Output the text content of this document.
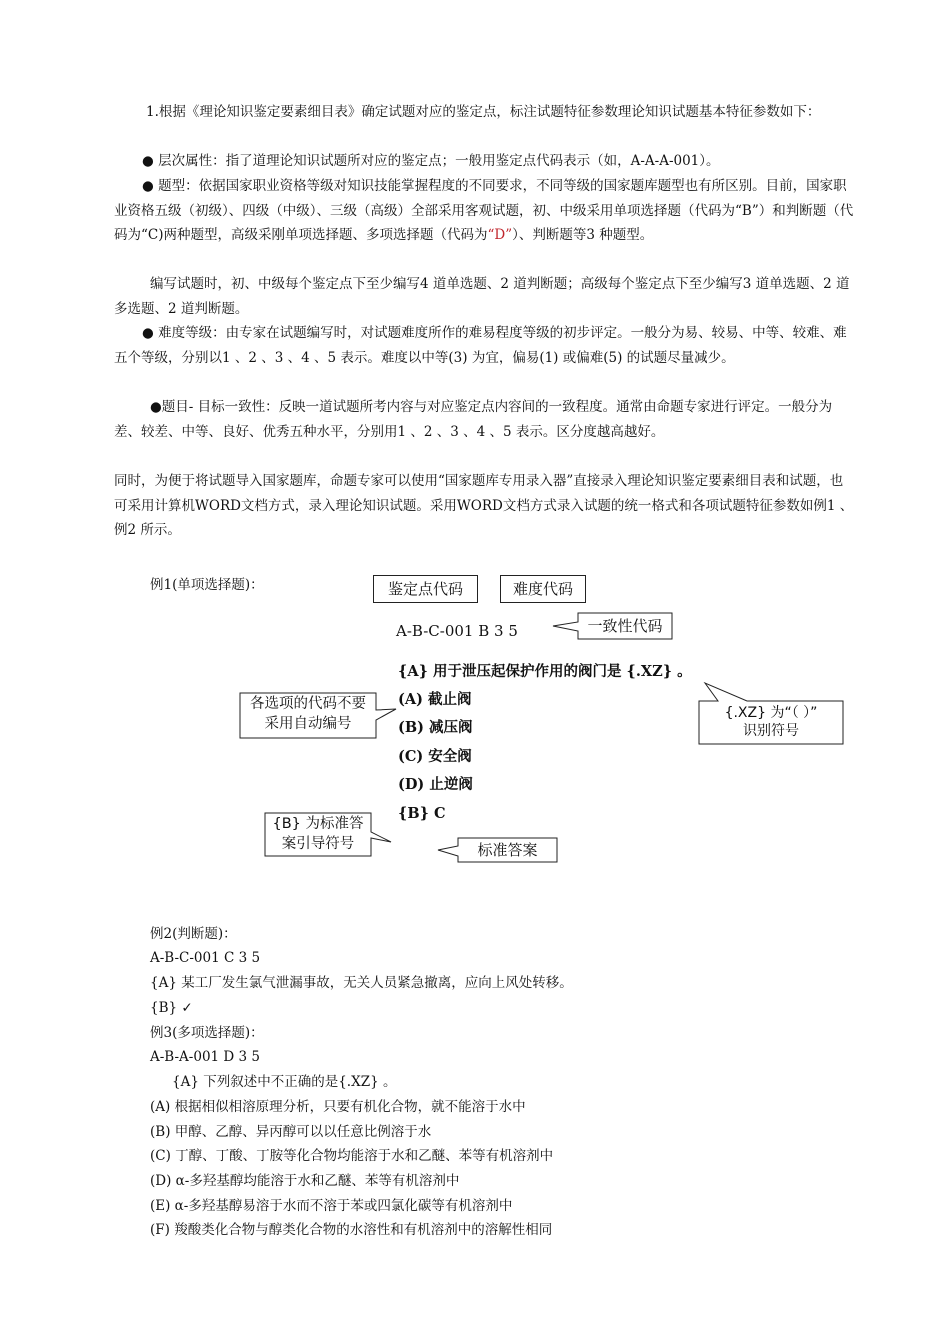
1.根据《理论知识鉴定要素细目表》确定试题对应的鉴定点，标注试题特征参数理论知识试题基本特征参数如下：

● 层次属性：指了道理论知识试题所对应的鉴定点；一般用鉴定点代码表示（如，A-A-A-001）。

● 题型：依据国家职业资格等级对知识技能掌握程度的不同要求，不同等级的国家题库题型也有所区别。目前，国家职业资格五级（初级）、四级（中级）、三级（高级）全部采用客观试题，初、中级采用单项选择题（代码为“B”）和判断题（代码为“C)两种题型，高级采刚单项选择题、多项选择题（代码为“D”）、判断题等3 种题型。

编写试题时，初、中级每个鉴定点下至少编写4 道单选题、2 道判断题；高级每个鉴定点下至少编写3 道单选题、2 道多选题、2 道判断题。

● 难度等级：由专家在试题编写时，对试题难度所作的难易程度等级的初步评定。一般分为易、较易、中等、较难、难五个等级，分别以1 、2 、3 、4 、5 表示。难度以中等(3) 为宜，偏易(1) 或偏难(5) 的试题尽量减少。

●题目- 目标一致性：反映一道试题所考内容与对应鉴定点内容间的一致程度。通常由命题专家进行评定。一般分为差、较差、中等、良好、优秀五种水平，分别用1 、2 、3 、4 、5 表示。区分度越高越好。

同时，为便于将试题导入国家题库，命题专家可以使用“国家题库专用录入器”直接录入理论知识鉴定要素细目表和试题，也可采用计算机WORD文档方式，录入理论知识试题。采用WORD文档方式录入试题的统一格式和各项试题特征参数如例1 、例2 所示。

例1(单项选择题)：	鉴定点代码	难度代码
A-B-C-001 B 3 5	一致性代码
各选项的代码不要
采用自动编号
{.XZ} 为“（ ）”
识别符号
{B} 为标准答
案引导符号	标准答案
{A} 用于泄压起保护作用的阀门是 {.XZ} 。
(A) 截止阀
(B) 减压阀
(C) 安全阀
(D) 止逆阀
{B} C
例2(判断题)：
A-B-C-001 C 3 5
{A} 某工厂发生氯气泄漏事故，无关人员紧急撤离，应向上风处转移。
{B} ✓
例3(多项选择题)：
A-B-A-001 D 3 5
{A} 下列叙述中不正确的是{.XZ} 。
(A) 根据相似相溶原理分析，只要有机化合物，就不能溶于水中
(B) 甲醇、乙醇、异丙醇可以以任意比例溶于水
(C) 丁醇、丁酸、丁胺等化合物均能溶于水和乙醚、苯等有机溶剂中
(D) α-多羟基醇均能溶于水和乙醚、苯等有机溶剂中
(E) α-多羟基醇易溶于水而不溶于苯或四氯化碳等有机溶剂中
(F) 羧酸类化合物与醇类化合物的水溶性和有机溶剂中的溶解性相同
